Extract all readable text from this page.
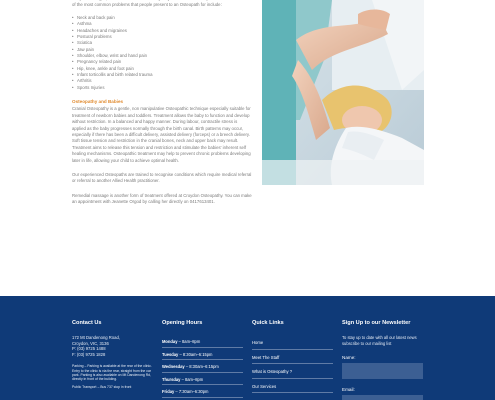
of the most common problems that people present to an Osteopath for include:

• Neck and back pain
• Asthma
• Headaches and migraines
• Postural problems
• Sciatica
• Jaw pain
• Shoulder, elbow, wrist and hand pain
• Pregnancy related pain
• Hip, knee, ankle and foot pain
• Infant torticollis and birth related trauma
• Arthritis
• Sports Injuries
Osteopathy and Babies

Cranial Osteopathy is a gentle, non manipulative Osteopathic technique especially suitable for treatment of newborn babies and toddlers. Treatment allows the baby to function and develop without restriction. In a balanced and happy manner. During labour, contractile stress is applied as the baby progresses normally through the birth canal. Birth patterns may occur, especially if there has been a difficult delivery, assisted delivery (forceps) or a breech delivery. Soft tissue tension and restriction in the cranial bones, neck and upper back may result. Treatment aims to release this tension and restriction and stimulate the babies' inherent self healing mechanisms. Osteopathic treatment may help to prevent chronic problems developing later in life, allowing your child to achieve optimal health.

Our experienced Osteopaths are trained to recognise conditions which require medical referral or referral to another Allied Health practitioner.

Remedial massage is another form of treatment offered at Croydon Osteopathy. You can make an appointment with Jeanette Orgod by calling her directly on 0417613401.

Contact Us
172 Mt Dandenong Road,
Croydon, VIC, 3136
P: (03) 9725 1488
F: (03) 9725 1828
Parking – Parking is available at the rear of the clinic. Entry to the clinic is via the rear, straight from the car park. Parking is also available on Mt Dandenong Rd, directly in front of the building.
Public Transport – Bus 737 stop in front
Opening Hours
Monday – 8am–8pm
Tuesday – 8:30am–6:15pm
Wednesday – 8:30am–6:15pm
Thursday – 8am–8pm
Friday – 7:30am–6:30pm
Quick Links
Home
Meet The Staff
What is Osteopathy ?
Our Services
Sign Up to our Newsletter
To stay up to date with all our latest news subscribe to our mailing list
Name:
Email:
